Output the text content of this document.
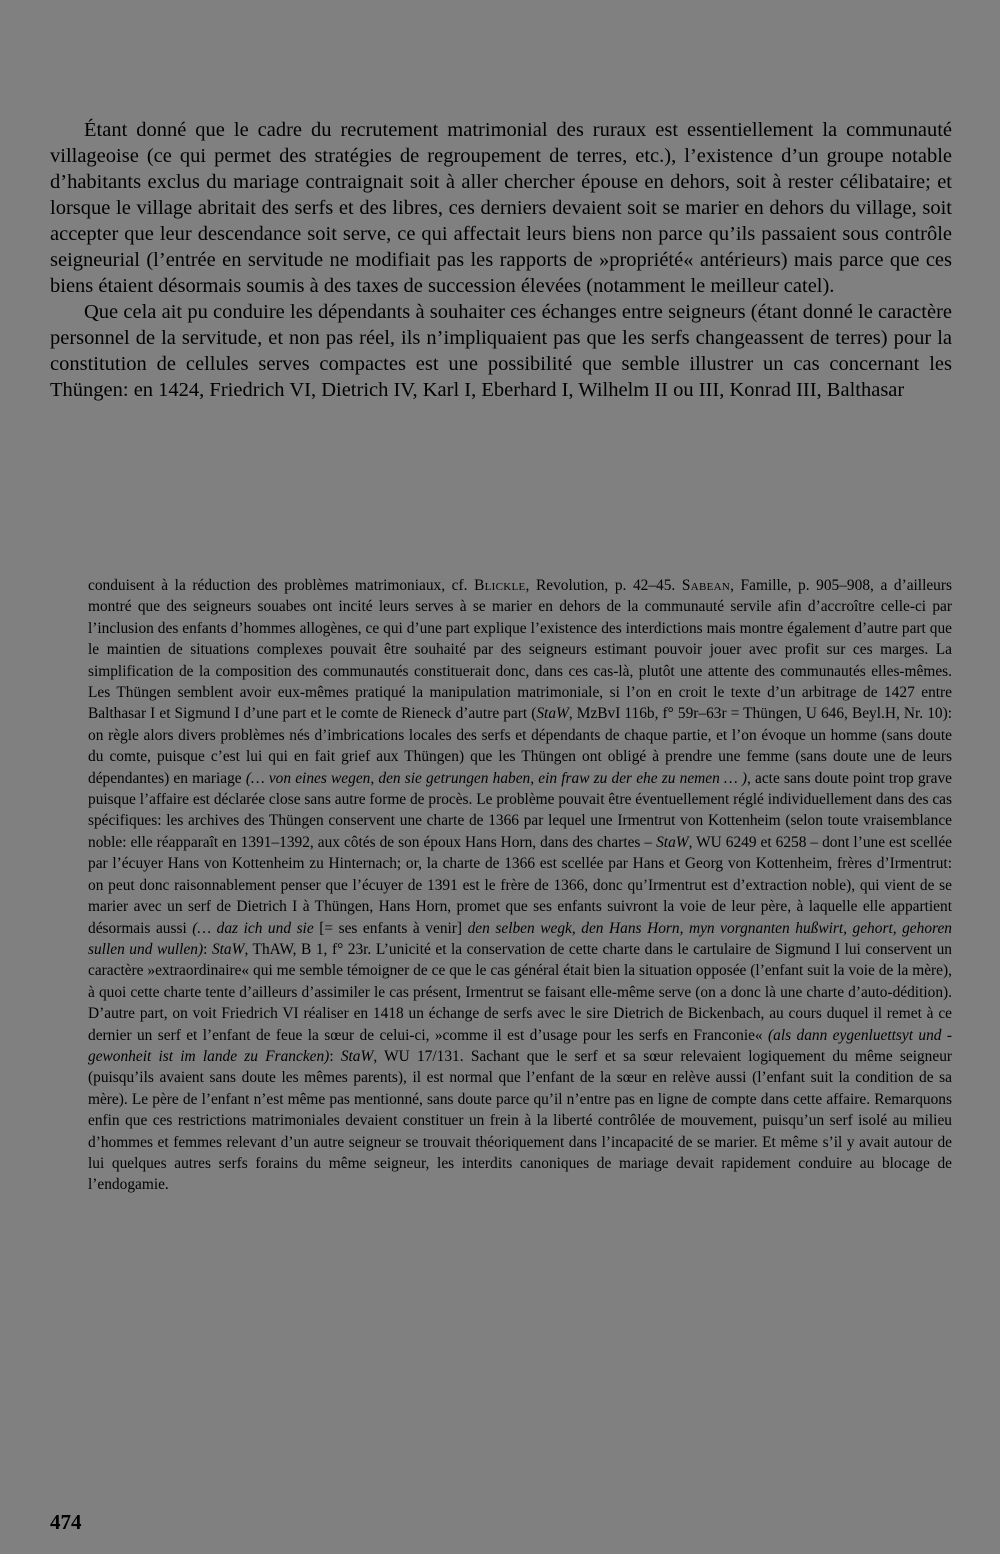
Étant donné que le cadre du recrutement matrimonial des ruraux est essentiellement la communauté villageoise (ce qui permet des stratégies de regroupement de terres, etc.), l’existence d’un groupe notable d’habitants exclus du mariage contraignait soit à aller chercher épouse en dehors, soit à rester célibataire; et lorsque le village abritait des serfs et des libres, ces derniers devaient soit se marier en dehors du village, soit accepter que leur descendance soit serve, ce qui affectait leurs biens non parce qu’ils passaient sous contrôle seigneurial (l’entrée en servitude ne modifiait pas les rapports de »propriété« antérieurs) mais parce que ces biens étaient désormais soumis à des taxes de succession élevées (notamment le meilleur catel).

Que cela ait pu conduire les dépendants à souhaiter ces échanges entre seigneurs (étant donné le caractère personnel de la servitude, et non pas réel, ils n’impliquaient pas que les serfs changeassent de terres) pour la constitution de cellules serves compactes est une possibilité que semble illustrer un cas concernant les Thüngen: en 1424, Friedrich VI, Dietrich IV, Karl I, Eberhard I, Wilhelm II ou III, Konrad III, Balthasar

conduisent à la réduction des problèmes matrimoniaux, cf. Blickle, Revolution, p. 42–45. Sabean, Famille, p. 905–908, a d’ailleurs montré que des seigneurs souabes ont incité leurs serves à se marier en dehors de la communauté servile afin d’accroître celle-ci par l’inclusion des enfants d’hommes allogènes, ce qui d’une part explique l’existence des interdictions mais montre également d’autre part que le maintien de situations complexes pouvait être souhaité par des seigneurs estimant pouvoir jouer avec profit sur ces marges. La simplification de la composition des communautés constituerait donc, dans ces cas-là, plutôt une attente des communautés elles-mêmes. Les Thüngen semblent avoir eux-mêmes pratiqué la manipulation matrimoniale, si l’on en croit le texte d’un arbitrage de 1427 entre Balthasar I et Sigmund I d’une part et le comte de Rieneck d’autre part (StaW, MzBvI 116b, f° 59r–63r = Thüngen, U 646, Beyl.H, Nr. 10): on règle alors divers problèmes nés d’imbrications locales des serfs et dépendants de chaque partie, et l’on évoque un homme (sans doute du comte, puisque c’est lui qui en fait grief aux Thüngen) que les Thüngen ont obligé à prendre une femme (sans doute une de leurs dépendantes) en mariage (… von eines wegen, den sie getrungen haben, ein fraw zu der ehe zu nemen … ), acte sans doute point trop grave puisque l’affaire est déclarée close sans autre forme de procès. Le problème pouvait être éventuellement réglé individuellement dans des cas spécifiques: les archives des Thüngen conservent une charte de 1366 par lequel une Irmentrut von Kottenheim (selon toute vraisemblance noble: elle réapparaît en 1391–1392, aux côtés de son époux Hans Horn, dans des chartes – StaW, WU 6249 et 6258 – dont l’une est scellée par l’écuyer Hans von Kottenheim zu Hinternach; or, la charte de 1366 est scellée par Hans et Georg von Kottenheim, frères d’Irmentrut: on peut donc raisonnablement penser que l’écuyer de 1391 est le frère de 1366, donc qu’Irmentrut est d’extraction noble), qui vient de se marier avec un serf de Dietrich I à Thüngen, Hans Horn, promet que ses enfants suivront la voie de leur père, à laquelle elle appartient désormais aussi (… daz ich und sie [= ses enfants à venir] den selben wegk, den Hans Horn, myn vorgnanten hußwirt, gehort, gehoren sullen und wullen): StaW, ThAW, B 1, f° 23r. L’unicité et la conservation de cette charte dans le cartulaire de Sigmund I lui conservent un caractère »extraordinaire« qui me semble témoigner de ce que le cas général était bien la situation opposée (l’enfant suit la voie de la mère), à quoi cette charte tente d’ailleurs d’assimiler le cas présent, Irmentrut se faisant elle-même serve (on a donc là une charte d’auto-dédition). D’autre part, on voit Friedrich VI réaliser en 1418 un échange de serfs avec le sire Dietrich de Bickenbach, au cours duquel il remet à ce dernier un serf et l’enfant de feue la sœur de celui-ci, »comme il est d’usage pour les serfs en Franconie« (als dann eygenluettsyt und -gewonheit ist im lande zu Francken): StaW, WU 17/131. Sachant que le serf et sa sœur relevaient logiquement du même seigneur (puisqu’ils avaient sans doute les mêmes parents), il est normal que l’enfant de la sœur en relève aussi (l’enfant suit la condition de sa mère). Le père de l’enfant n’est même pas mentionné, sans doute parce qu’il n’entre pas en ligne de compte dans cette affaire. Remarquons enfin que ces restrictions matrimoniales devaient constituer un frein à la liberté contrôlée de mouvement, puisqu’un serf isolé au milieu d’hommes et femmes relevant d’un autre seigneur se trouvait théoriquement dans l’incapacité de se marier. Et même s’il y avait autour de lui quelques autres serfs forains du même seigneur, les interdits canoniques de mariage devait rapidement conduire au blocage de l’endogamie.

474
